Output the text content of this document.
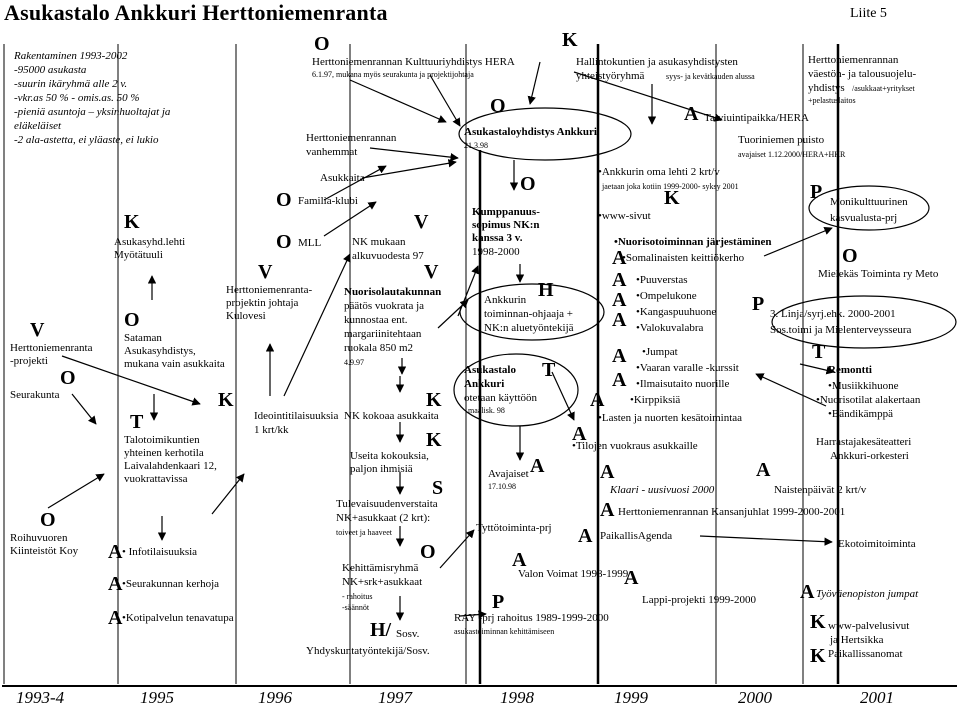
Asukastalo Ankkuri Herttoniemenranta	Liite 5
1993-4	1995	1996	1997	1998	1999	2000	2001
Rakentaminen 1993-2002
-95000 asukasta
-suurin ikäryhmä alle 2 v.
-vkr.as 50 % - omis.as. 50 %
-pieniä asuntoja – yksinhuoltajat ja
eläkeläiset
-2 ala-astetta, ei yläaste, ei lukio
V
Herttoniemenranta
-projekti
O
Seurakunta
T
Talotoimikuntien
yhteinen kerhotila
Laivalahdenkaari 12,
vuokrattavissa
O
Roihuvuoren
Kiinteistöt Koy
K
Asukasyhd.lehti
Myötätuuli
O
Sataman
Asukasyhdistys,
mukana vain asukkaita
A • Infotilaisuuksia
A •Seurakunnan kerhoja
A •Kotipalvelun tenavatupa
V
Herttoniemenranta-
projektin johtaja
Kulovesi
K
Ideointitilaisuuksia
1 krt/kk
O Familia-klubi
O MLL
O
Herttoniemenrannan Kulttuuriyhdistys HERA
6.1.97, mukana myös seurakunta ja projektijohtaja
Herttoniemenrannan
vanhemmat
Asukkaita
V
NK mukaan
alkuvuodesta 97
V
Nuorisolautakunnan
päätös vuokrata ja
kunnostaa ent.
margariinitehtaan
ruokala 850 m2
4.9.97
K
NK kokoaa asukkaita
K
Useita kokouksia,
paljon ihmisiä
S
Tulevaisuudenverstaita
NK+asukkaat (2 krt):
toiveet ja haaveet
O
Kehittämisryhmä
NK+srk+asukkaat
- rahoitus
-säännöt
H/ Sosv.
Yhdyskuntatyöntekijä/Sosv.
O
Asukastaloyhdistys Ankkuri
21.3.98
O
Kumppanuus-
sopimus NK:n
kanssa 3 v.
1998-2000
H
Ankkurin
toiminnan-ohjaaja +
NK:n aluetyöntekijä
T
Asukastalo
Ankkuri
otetaan käyttöön
maalisk. 98
A
Avajaiset
17.10.98
Tyttötoiminta-prj
A
Valon Voimat 1998-1999
P
RAY -prj rahoitus 1989-1999-2000
asukastoiminnan kehittämiseen
K
Hallintokuntien ja asukasyhdistysten
yhteistyöryhmä	syys- ja kevätkauden alussa
A Talviuintipaikka/HERA
•Ankkurin oma lehti 2 krt/v
jaetaan joka kotiin 1999-2000- syksy 2001
K
•www-sivut
•Nuorisotoiminnan järjestäminen
A
•Somalinaisten keittiökerho
A •Puuverstas
A •Ompelukone
A •Kangaspuuhuone
•Valokuvalabra
A •Jumpat
A
•Vaaran varalle -kurssit
•Ilmaisutaito nuorille
A •Kirppiksiä
•Lasten ja nuorten kesätoimintaa
A
•Tilojen vuokraus asukkaille
A
Klaari - uusivuosi 2000
A Herttoniemenrannan Kansanjuhlat 1999-2000-2001
A PaikallisAgenda
A
Lappi-projekti 1999-2000
Tuoriniemen puisto
avajaiset 1.12.2000/HERA+HKR
P 3. Linja/syrj.ehk. 2000-2001
Sos.toimi ja Mielenterveysseura
A
Naistenpäivät 2 krt/v
Herttoniemenrannan
väestön- ja talousuojelu-
yhdistys /asukkaat+yritykset
+pelastuslaitos
P Monikulttuurinen
kasvualusta-prj
O
Mielekäs Toiminta ry Meto
T
Remontti
•Musiikkihuone
•Nuorisotilat alakertaan
•Bändikämppä
Harrastajakesäteatteri
Ankkuri-orkesteri
Ekotoimitoiminta
A Työväenopiston jumpat
K www-palvelusivut
ja Hertsikka
K Paikallissanomat
